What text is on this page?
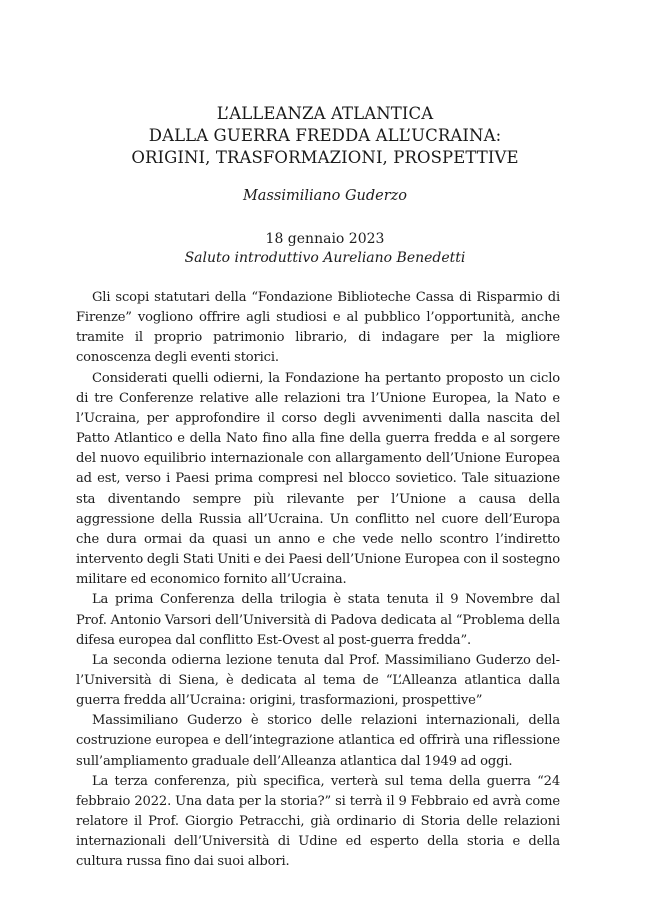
L’ALLEANZA ATLANTICA
DALLA GUERRA FREDDA ALL’UCRAINA:
ORIGINI, TRASFORMAZIONI, PROSPETTIVE
Massimiliano Guderzo
18 gennaio 2023
Saluto introduttivo Aureliano Benedetti

Gli scopi statutari della “Fondazione Biblioteche Cassa di Risparmio di Firenze” vogliono offrire agli studiosi e al pubblico l’opportunità, anche tramite il proprio patrimonio librario, di indagare per la migliore conoscenza degli eventi storici.

Considerati quelli odierni, la Fondazione ha pertanto proposto un ciclo di tre Conferenze relative alle relazioni tra l’Unione Europea, la Nato e l’Ucraina, per approfondire il corso degli avvenimenti dalla nascita del Patto Atlantico e della Nato fino alla fine della guerra fredda e al sorgere del nuovo equilibrio internazionale con allargamento dell’Unione Europea ad est, verso i Paesi prima compresi nel blocco sovietico. Tale situazione sta diventando sempre più rilevante per l’Unione a causa della aggressione della Russia all’Ucraina. Un conflitto nel cuore dell’Europa che dura ormai da quasi un anno e che vede nello scontro l’indiretto intervento degli Stati Uniti e dei Paesi dell’Unione Europea con il sostegno militare ed economico fornito all’Ucraina.

La prima Conferenza della trilogia è stata tenuta il 9 Novembre dal Prof. Antonio Varsori dell’Università di Padova dedicata al “Problema della difesa europea dal conflitto Est-Ovest al post-guerra fredda”.

La seconda odierna lezione tenuta dal Prof. Massimiliano Guderzo dell’Università di Siena, è dedicata al tema de “L’Alleanza atlantica dalla guerra fredda all’Ucraina: origini, trasformazioni, prospettive”

Massimiliano Guderzo è storico delle relazioni internazionali, della costruzione europea e dell’integrazione atlantica ed offrirà una riflessione sull’ampliamento graduale dell’Alleanza atlantica dal 1949 ad oggi.

La terza conferenza, più specifica, verterà sul tema della guerra “24 febbraio 2022. Una data per la storia?” si terrà il 9 Febbraio ed avrà come relatore il Prof. Giorgio Petracchi, già ordinario di Storia delle relazioni internazionali dell’Università di Udine ed esperto della storia e della cultura russa fino dai suoi albori.
